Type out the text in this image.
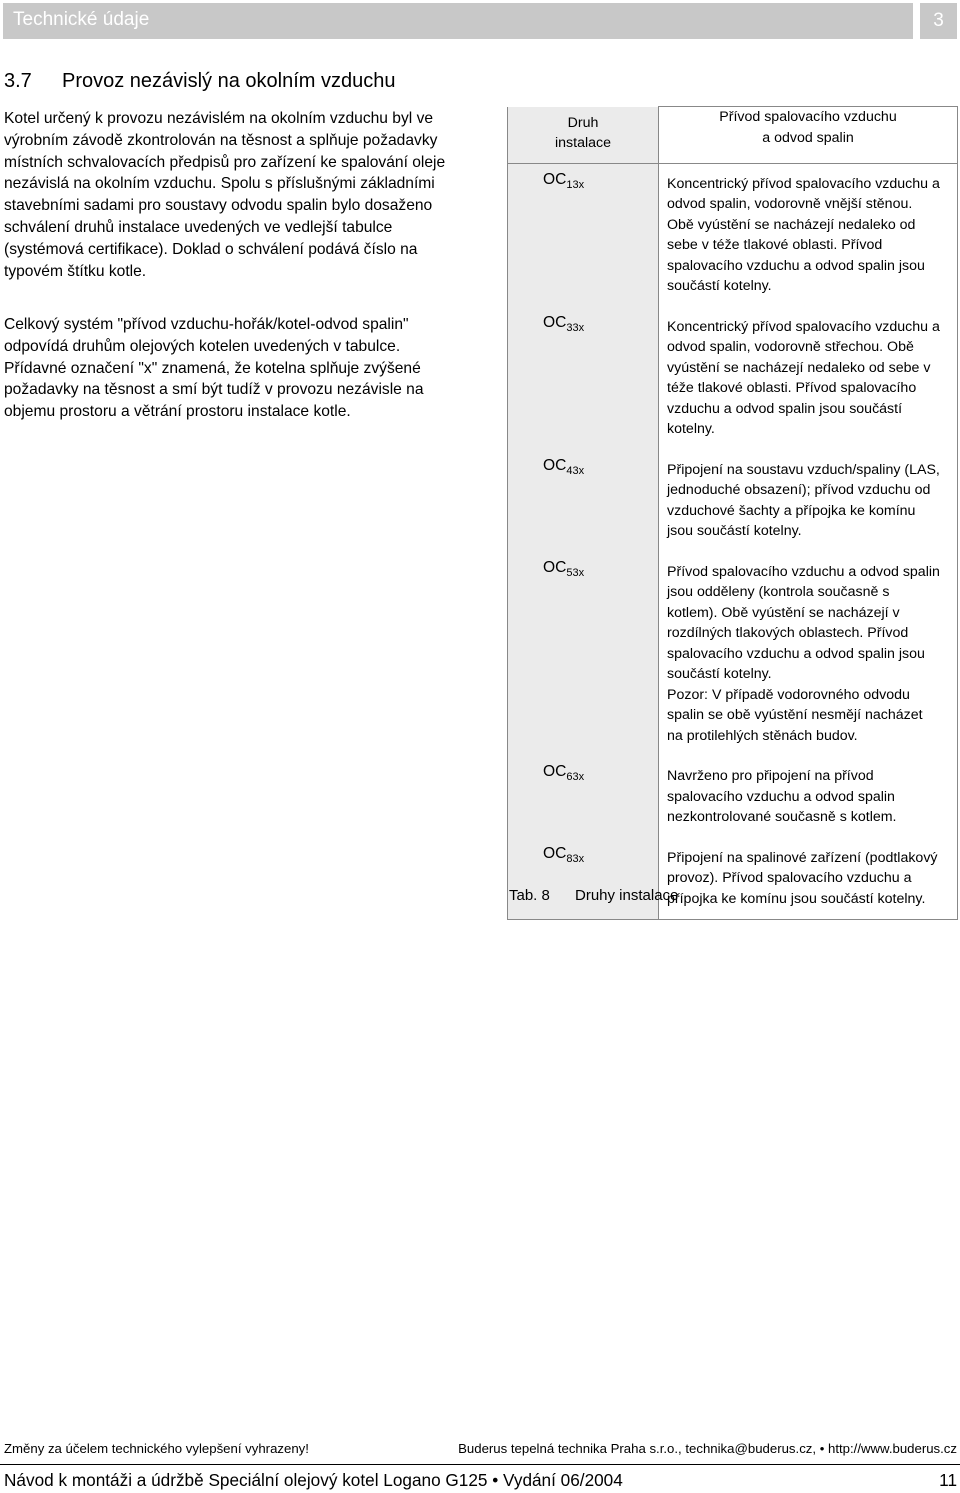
Technické údaje	3
3.7 Provoz nezávislý na okolním vzduchu

Kotel určený k provozu nezávislém na okolním vzduchu byl ve výrobním závodě zkontrolován na těsnost a splňuje požadavky místních schvalovacích předpisů pro zařízení ke spalování oleje nezávislá na okolním vzduchu. Spolu s příslušnými základními stavebními sadami pro soustavy odvodu spalin bylo dosaženo schválení druhů instalace uvedených ve vedlejší tabulce (systémová certifikace). Doklad o schválení podává číslo na typovém štítku kotle.

Celkový systém "přívod vzduchu-hořák/kotel-odvod spalin" odpovídá druhům olejových kotelen uvedených v tabulce. Přídavné označení "x" znamená, že kotelna splňuje zvýšené požadavky na těsnost a smí být tudíž v provozu nezávisle na objemu prostoru a větrání prostoru instalace kotle.

Druh
instalace	Přívod spalovacího vzduchu
a odvod spalin
$OC_{13x}$	Koncentrický přívod spalovacího vzduchu a odvod spalin, vodorovně vnější stěnou. Obě vyústění se nacházejí nedaleko od sebe v téže tlakové oblasti. Přívod spalovacího vzduchu a odvod spalin jsou součástí kotelny.

$OC_{33x}$	Koncentrický přívod spalovacího vzduchu a odvod spalin, vodorovně střechou. Obě vyústění se nacházejí nedaleko od sebe v téže tlakové oblasti. Přívod spalovacího vzduchu a odvod spalin jsou součástí kotelny.

$OC_{43x}$	Připojení na soustavu vzduch/spaliny (LAS, jednoduché obsazení); přívod vzduchu od vzduchové šachty a přípojka ke komínu jsou součástí kotelny.

$OC_{53x}$	Přívod spalovacího vzduchu a odvod spalin jsou odděleny (kontrola současně s kotlem). Obě vyústění se nacházejí v rozdílných tlakových oblastech. Přívod spalovacího vzduchu a odvod spalin jsou součástí kotelny.

Pozor: V případě vodorovného odvodu spalin se obě vyústění nesmějí nacházet na protilehlých stěnách budov.

$OC_{63x}$	Navrženo pro připojení na přívod spalovacího vzduchu a odvod spalin nezkontrolované současně s kotlem.

$OC_{83x}$	Připojení na spalinové zařízení (podtlakový provoz). Přívod spalovacího vzduchu a přípojka ke komínu jsou součástí kotelny.

Tab. 8 Druhy instalace
Změny za účelem technického vylepšení vyhrazeny!	Buderus tepelná technika Praha s.r.o., technika@buderus.cz, • http://www.buderus.cz
Návod k montáži a údržbě Speciální olejový kotel Logano G125 • Vydání 06/2004	11
